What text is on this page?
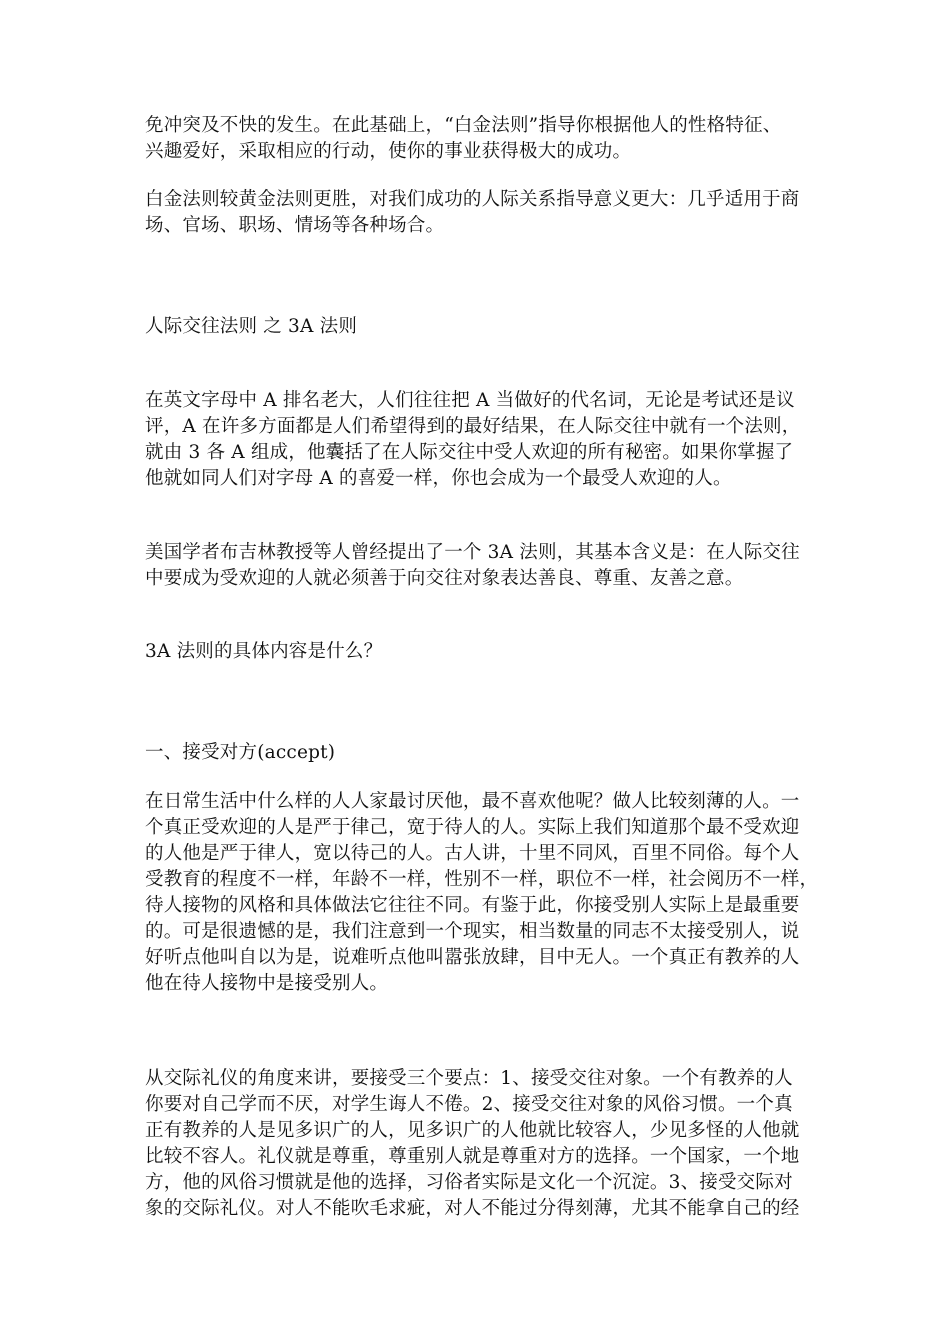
免冲突及不快的发生。在此基础上，“白金法则”指导你根据他人的性格特征、
兴趣爱好，采取相应的行动，使你的事业获得极大的成功。

白金法则较黄金法则更胜，对我们成功的人际关系指导意义更大：几乎适用于商
场、官场、职场、情场等各种场合。

人际交往法则 之 3A 法则

在英文字母中 A 排名老大，人们往往把 A 当做好的代名词，无论是考试还是议
评，A 在许多方面都是人们希望得到的最好结果，在人际交往中就有一个法则，
就由 3 各 A 组成，他囊括了在人际交往中受人欢迎的所有秘密。如果你掌握了
他就如同人们对字母 A 的喜爱一样，你也会成为一个最受人欢迎的人。

美国学者布吉林教授等人曾经提出了一个 3A 法则，其基本含义是：在人际交往
中要成为受欢迎的人就必须善于向交往对象表达善良、尊重、友善之意。

3A 法则的具体内容是什么？

一、接受对方(accept)

在日常生活中什么样的人人家最讨厌他，最不喜欢他呢？做人比较刻薄的人。一
个真正受欢迎的人是严于律己，宽于待人的人。实际上我们知道那个最不受欢迎
的人他是严于律人，宽以待己的人。古人讲，十里不同风，百里不同俗。每个人
受教育的程度不一样，年龄不一样，性别不一样，职位不一样，社会阅历不一样，
待人接物的风格和具体做法它往往不同。有鉴于此，你接受别人实际上是最重要
的。可是很遗憾的是，我们注意到一个现实，相当数量的同志不太接受别人，说
好听点他叫自以为是，说难听点他叫嚣张放肆，目中无人。一个真正有教养的人
他在待人接物中是接受别人。

从交际礼仪的角度来讲，要接受三个要点：1、接受交往对象。一个有教养的人
你要对自己学而不厌，对学生诲人不倦。2、接受交往对象的风俗习惯。一个真
正有教养的人是见多识广的人，见多识广的人他就比较容人，少见多怪的人他就
比较不容人。礼仪就是尊重，尊重别人就是尊重对方的选择。一个国家，一个地
方，他的风俗习惯就是他的选择，习俗者实际是文化一个沉淀。3、接受交际对
象的交际礼仪。对人不能吹毛求疵，对人不能过分得刻薄，尤其不能拿自己的经
